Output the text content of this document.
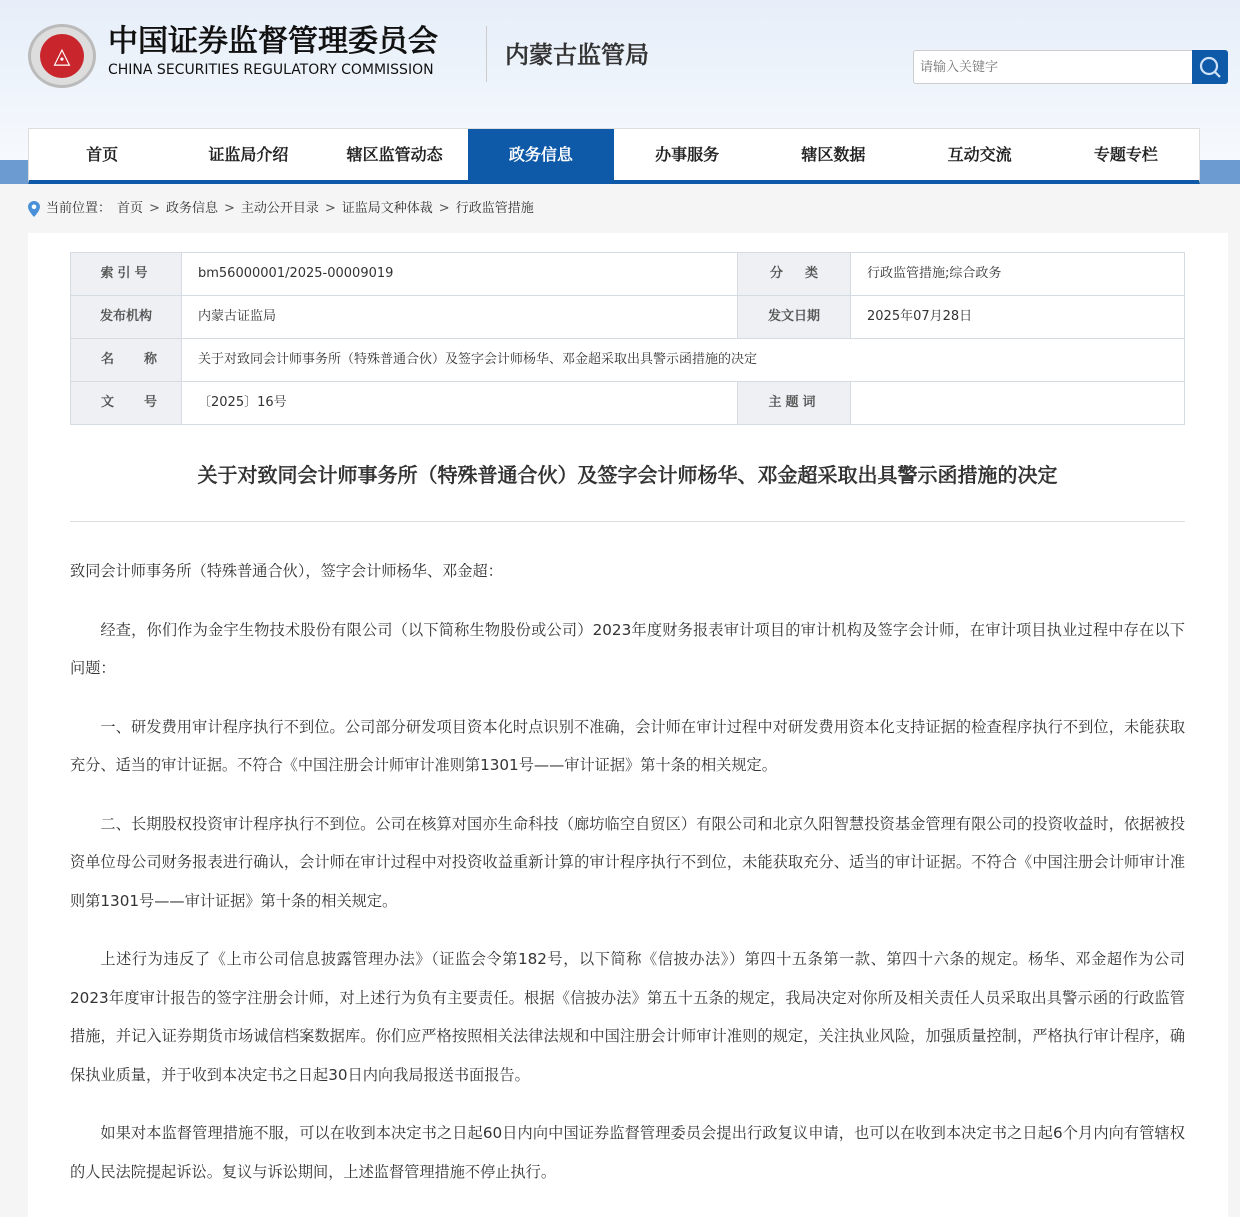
◬	中国证券监督管理委员会
CHINA SECURITIES REGULATORY COMMISSION
内蒙古监管局
请输入关键字
首页	证监局介绍	辖区监管动态	政务信息	办事服务	辖区数据	互动交流	专题专栏
当前位置： 首页 > 政务信息 > 主动公开目录 > 证监局文种体裁 > 行政监管措施
索引号	bm56000001/2025-00009019	分类	行政监管措施;综合政务
发布机构	内蒙古证监局	发文日期	2025年07月28日
名称	关于对致同会计师事务所（特殊普通合伙）及签字会计师杨华、邓金超采取出具警示函措施的决定		
文号	〔2025〕16号	主题词	
关于对致同会计师事务所（特殊普通合伙）及签字会计师杨华、邓金超采取出具警示函措施的决定

致同会计师事务所（特殊普通合伙），签字会计师杨华、邓金超：

经查，你们作为金宇生物技术股份有限公司（以下简称生物股份或公司）2023年度财务报表审计项目的审计机构及签字会计师，在审计项目执业过程中存在以下问题：

一、研发费用审计程序执行不到位。公司部分研发项目资本化时点识别不准确，会计师在审计过程中对研发费用资本化支持证据的检查程序执行不到位，未能获取充分、适当的审计证据。不符合《中国注册会计师审计准则第1301号——审计证据》第十条的相关规定。

二、长期股权投资审计程序执行不到位。公司在核算对国亦生命科技（廊坊临空自贸区）有限公司和北京久阳智慧投资基金管理有限公司的投资收益时，依据被投资单位母公司财务报表进行确认，会计师在审计过程中对投资收益重新计算的审计程序执行不到位，未能获取充分、适当的审计证据。不符合《中国注册会计师审计准则第1301号——审计证据》第十条的相关规定。

上述行为违反了《上市公司信息披露管理办法》（证监会令第182号，以下简称《信披办法》）第四十五条第一款、第四十六条的规定。杨华、邓金超作为公司2023年度审计报告的签字注册会计师，对上述行为负有主要责任。根据《信披办法》第五十五条的规定，我局决定对你所及相关责任人员采取出具警示函的行政监管措施，并记入证券期货市场诚信档案数据库。你们应严格按照相关法律法规和中国注册会计师审计准则的规定，关注执业风险，加强质量控制，严格执行审计程序，确保执业质量，并于收到本决定书之日起30日内向我局报送书面报告。

如果对本监督管理措施不服，可以在收到本决定书之日起60日内向中国证券监督管理委员会提出行政复议申请，也可以在收到本决定书之日起6个月内向有管辖权的人民法院提起诉讼。复议与诉讼期间，上述监督管理措施不停止执行。
